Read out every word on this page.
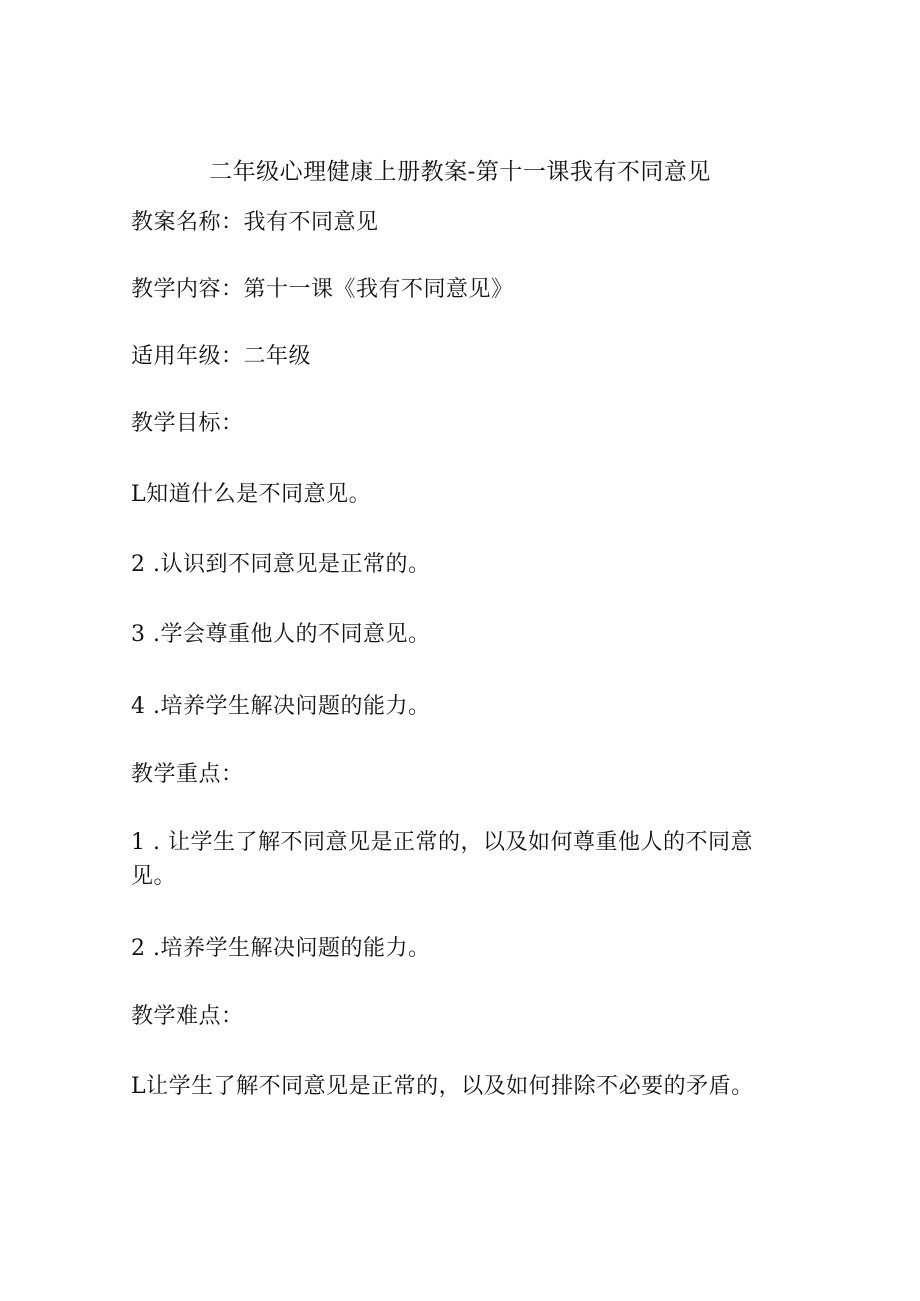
二年级心理健康上册教案-第十一课我有不同意见
教案名称：我有不同意见
教学内容：第十一课《我有不同意见》
适用年级：二年级
教学目标：
L知道什么是不同意见。
2 .认识到不同意见是正常的。
3 .学会尊重他人的不同意见。
4 .培养学生解决问题的能力。
教学重点：
1 . 让学生了解不同意见是正常的，以及如何尊重他人的不同意见。
2 .培养学生解决问题的能力。
教学难点：
L让学生了解不同意见是正常的，以及如何排除不必要的矛盾。
